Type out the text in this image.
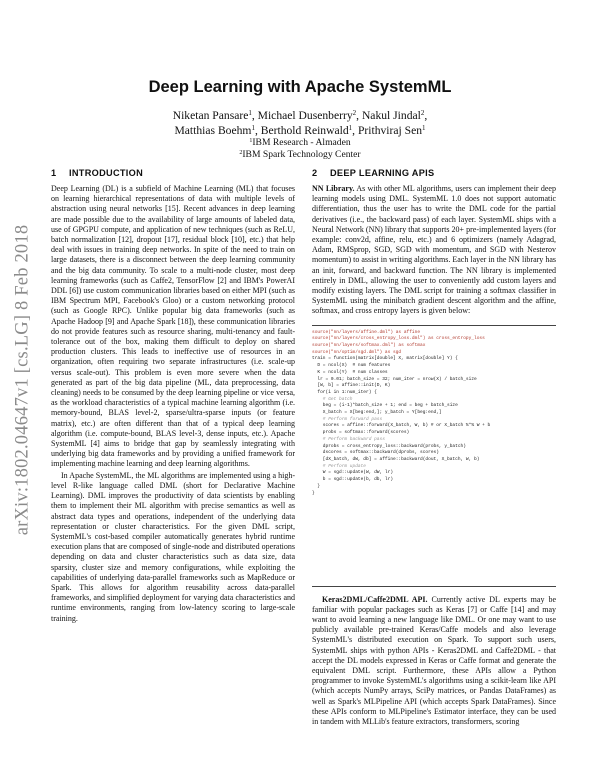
arXiv:1802.04647v1 [cs.LG] 8 Feb 2018
Deep Learning with Apache SystemML
Niketan Pansare$^1$, Michael Dusenberry$^2$, Nakul Jindal$^2$,
Matthias Boehm$^1$, Berthold Reinwald$^1$, Prithviraj Sen$^1$
$^1$IBM Research - Almaden
$^2$IBM Spark Technology Center
1 INTRODUCTION

Deep Learning (DL) is a subfield of Machine Learning (ML) that focuses on learning hierarchical representations of data with multiple levels of abstraction using neural networks [15]. Recent advances in deep learning are made possible due to the availability of large amounts of labeled data, use of GPGPU compute, and application of new techniques (such as ReLU, batch normalization [12], dropout [17], residual block [10], etc.) that help deal with issues in training deep networks. In spite of the need to train on large datasets, there is a disconnect between the deep learning community and the big data community. To scale to a multi-node cluster, most deep learning frameworks (such as Caffe2, TensorFlow [2] and IBM's PowerAI DDL [6]) use custom communication libraries based on either MPI (such as IBM Spectrum MPI, Facebook's Gloo) or a custom networking protocol (such as Google RPC). Unlike popular big data frameworks (such as Apache Hadoop [9] and Apache Spark [18]), these communication libraries do not provide features such as resource sharing, multi-tenancy and fault-tolerance out of the box, making them difficult to deploy on shared production clusters. This leads to ineffective use of resources in an organization, often requiring two separate infrastructures (i.e. scale-up versus scale-out). This problem is even more severe when the data generated as part of the big data pipeline (ML, data preprocessing, data cleaning) needs to be consumed by the deep learning pipeline or vice versa, as the workload characteristics of a typical machine learning algorithm (i.e. memory-bound, BLAS level-2, sparse/ultra-sparse inputs (or feature matrix), etc.) are often different than that of a typical deep learning algorithm (i.e. compute-bound, BLAS level-3, dense inputs, etc.). Apache SystemML [4] aims to bridge that gap by seamlessly integrating with underlying big data frameworks and by providing a unified framework for implementing machine learning and deep learning algorithms.

In Apache SystemML, the ML algorithms are implemented using a high-level R-like language called DML (short for Declarative Machine Learning). DML improves the productivity of data scientists by enabling them to implement their ML algorithm with precise semantics as well as abstract data types and operations, independent of the underlying data representation or cluster characteristics. For the given DML script, SystemML's cost-based compiler automatically generates hybrid runtime execution plans that are composed of single-node and distributed operations depending on data and cluster characteristics such as data size, data sparsity, cluster size and memory configurations, while exploiting the capabilities of underlying data-parallel frameworks such as MapReduce or Spark. This allows for algorithm reusability across data-parallel frameworks, and simplified deployment for varying data characteristics and runtime environments, ranging from low-latency scoring to large-scale training.

2 DEEP LEARNING APIS

NN Library. As with other ML algorithms, users can implement their deep learning models using DML. SystemML 1.0 does not support automatic differentiation, thus the user has to write the DML code for the partial derivatives (i.e., the backward pass) of each layer. SystemML ships with a Neural Network (NN) library that supports 20+ pre-implemented layers (for example: conv2d, affine, relu, etc.) and 6 optimizers (namely Adagrad, Adam, RMSprop, SGD, SGD with momentum, and SGD with Nesterov momentum) to assist in writing algorithms. Each layer in the NN library has an init, forward, and backward function. The NN library is implemented entirely in DML, allowing the user to conveniently add custom layers and modify existing layers. The DML script for training a softmax classifier in SystemML using the minibatch gradient descent algorithm and the affine, softmax, and cross entropy layers is given below:

source("nn/layers/affine.dml") as affine
source("nn/layers/cross_entropy_loss.dml") as cross_entropy_loss
source("nn/layers/softmax.dml") as softmax
source("nn/optim/sgd.dml") as sgd
train = function(matrix[double] X, matrix[double] Y) {
D = ncol(X)  # num features
K = ncol(Y)  # num classes
lr = 0.01; batch_size = 32; num_iter = nrow(X) / batch_size
[W, b] = affine::init(D, K)
for(i in 1:num_iter) {
# Get batch
beg = (i-1)*batch_size + 1; end = beg + batch_size
X_batch = X[beg:end,]; y_batch = Y[beg:end,]
# Perform forward pass
scores = affine::forward(X_batch, W, b) # or X_batch %*% W + b
probs = softmax::forward(scores)
# Perform backward pass
dprobs = cross_entropy_loss::backward(probs, y_batch)
dscores = softmax::backward(dprobs, scores)
[dX_batch, dW, db] = affine::backward(dout, X_batch, W, b)
# Perform update
W = sgd::update(W, dW, lr)
b = sgd::update(b, db, lr)
}
}

Keras2DML/Caffe2DML API. Currently active DL experts may be familiar with popular packages such as Keras [7] or Caffe [14] and may want to avoid learning a new language like DML. Or one may want to use publicly available pre-trained Keras/Caffe models and also leverage SystemML's distributed execution on Spark. To support such users, SystemML ships with python APIs - Keras2DML and Caffe2DML - that accept the DL models expressed in Keras or Caffe format and generate the equivalent DML script. Furthermore, these APIs allow a Python programmer to invoke SystemML's algorithms using a scikit-learn like API (which accepts NumPy arrays, SciPy matrices, or Pandas DataFrames) as well as Spark's MLPipeline API (which accepts Spark DataFrames). Since these APIs conform to MLPipeline's Estimator interface, they can be used in tandem with MLLib's feature extractors, transformers, scoring
